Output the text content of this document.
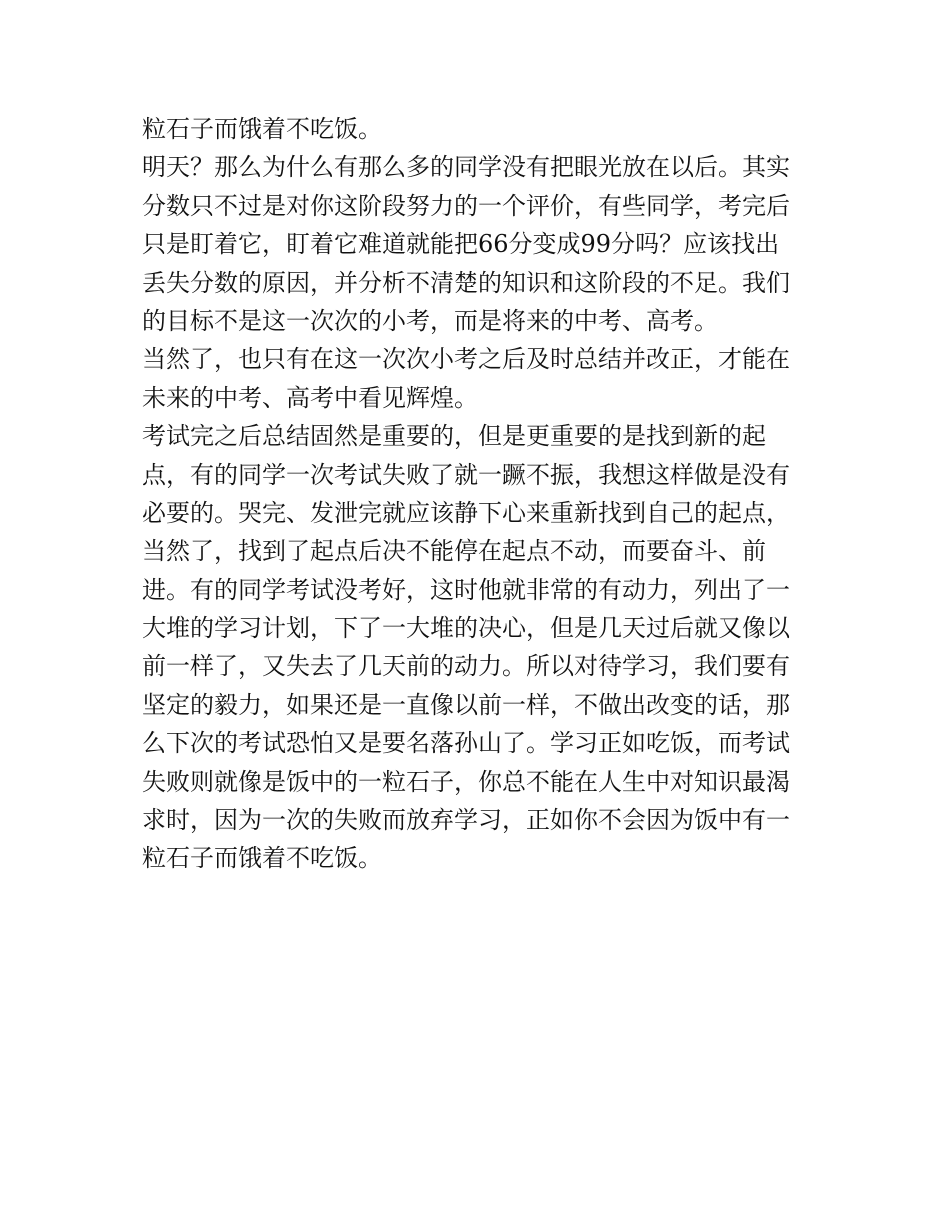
粒石子而饿着不吃饭。
明天？那么为什么有那么多的同学没有把眼光放在以后。其实
分数只不过是对你这阶段努力的一个评价，有些同学，考完后
只是盯着它，盯着它难道就能把66分变成99分吗？应该找出
丢失分数的原因，并分析不清楚的知识和这阶段的不足。我们
的目标不是这一次次的小考，而是将来的中考、高考。
当然了，也只有在这一次次小考之后及时总结并改正，才能在
未来的中考、高考中看见辉煌。
考试完之后总结固然是重要的，但是更重要的是找到新的起
点，有的同学一次考试失败了就一蹶不振，我想这样做是没有
必要的。哭完、发泄完就应该静下心来重新找到自己的起点，
当然了，找到了起点后决不能停在起点不动，而要奋斗、前
进。有的同学考试没考好，这时他就非常的有动力，列出了一
大堆的学习计划，下了一大堆的决心，但是几天过后就又像以
前一样了，又失去了几天前的动力。所以对待学习，我们要有
坚定的毅力，如果还是一直像以前一样，不做出改变的话，那
么下次的考试恐怕又是要名落孙山了。学习正如吃饭，而考试
失败则就像是饭中的一粒石子，你总不能在人生中对知识最渴
求时，因为一次的失败而放弃学习，正如你不会因为饭中有一
粒石子而饿着不吃饭。
